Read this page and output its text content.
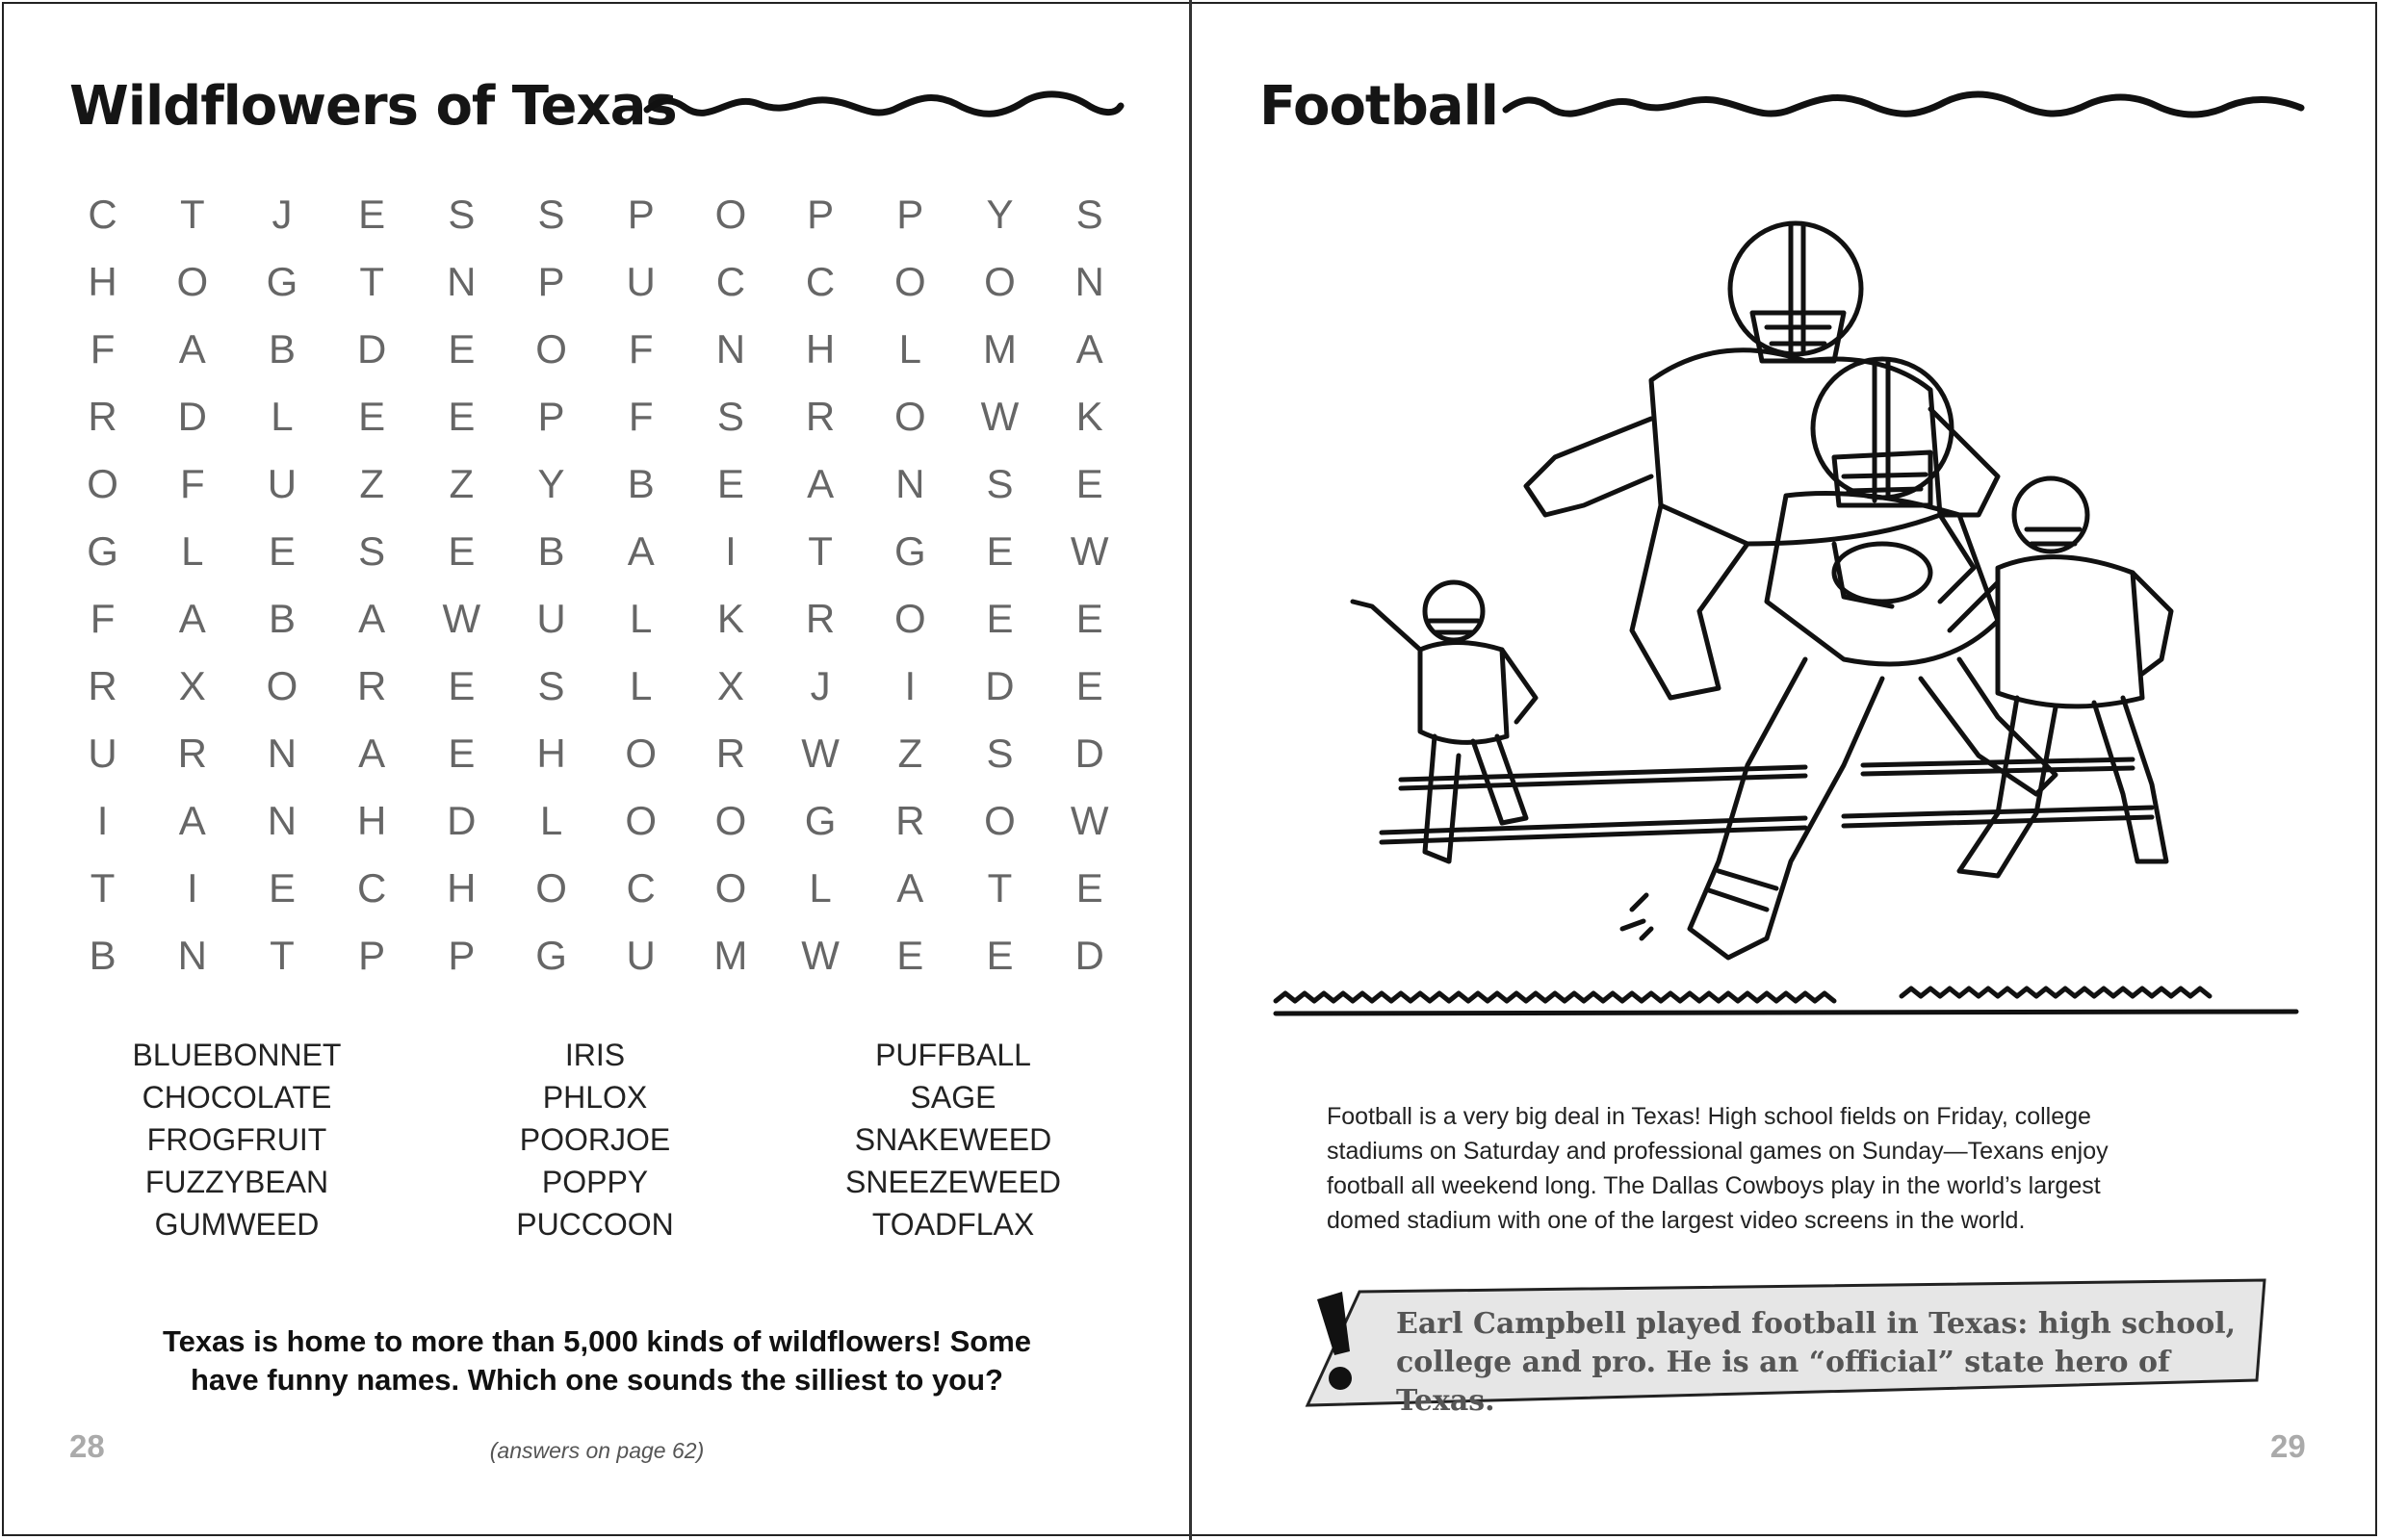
Wildflowers of Texas
C	T	J	E	S	S	P	O	P	P	Y	S
H	O	G	T	N	P	U	C	C	O	O	N
F	A	B	D	E	O	F	N	H	L	M	A
R	D	L	E	E	P	F	S	R	O	W	K
O	F	U	Z	Z	Y	B	E	A	N	S	E
G	L	E	S	E	B	A	I	T	G	E	W
F	A	B	A	W	U	L	K	R	O	E	E
R	X	O	R	E	S	L	X	J	I	D	E
U	R	N	A	E	H	O	R	W	Z	S	D
I	A	N	H	D	L	O	O	G	R	O	W
T	I	E	C	H	O	C	O	L	A	T	E
B	N	T	P	P	G	U	M	W	E	E	D
BLUEBONNET
CHOCOLATE
FROGFRUIT
FUZZYBEAN
GUMWEED
IRIS
PHLOX
POORJOE
POPPY
PUCCOON
PUFFBALL
SAGE
SNAKEWEED
SNEEZEWEED
TOADFLAX
Texas is home to more than 5,000 kinds of wildflowers! Some
have funny names. Which one sounds the silliest to you?
28	(answers on page 62)
Football
Football is a very big deal in Texas! High school fields on Friday, college
stadiums on Saturday and professional games on Sunday—Texans enjoy
football all weekend long. The Dallas Cowboys play in the world’s largest
domed stadium with one of the largest video screens in the world.
Earl Campbell played football in Texas: high school,
college and pro. He is an “official” state hero of Texas.
29
